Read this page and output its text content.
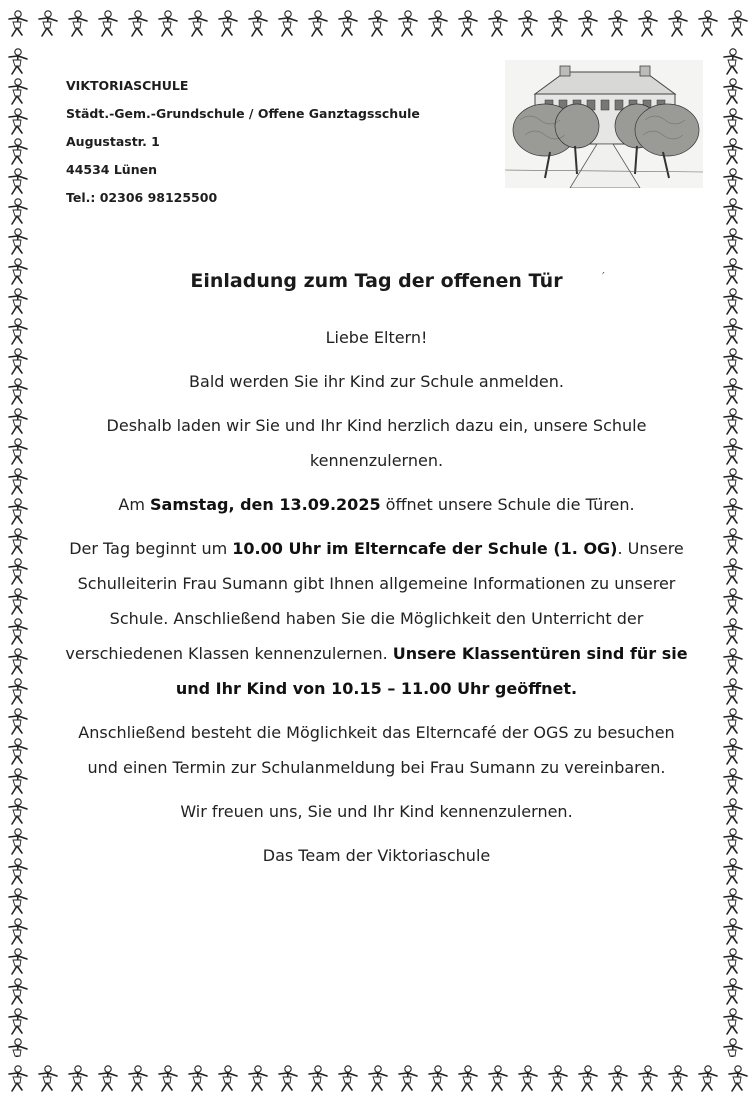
VIKTORIASCHULE
Städt.-Gem.-Grundschule / Offene Ganztagsschule
Augustastr. 1
44534 Lünen
Tel.: 02306 98125500
Einladung zum Tag der offenen Tür	′

Liebe Eltern!

Bald werden Sie ihr Kind zur Schule anmelden.

Deshalb laden wir Sie und Ihr Kind herzlich dazu ein, unsere Schule kennenzulernen.

Am Samstag, den 13.09.2025 öffnet unsere Schule die Türen.

Der Tag beginnt um 10.00 Uhr im Elterncafe der Schule (1. OG). Unsere Schulleiterin Frau Sumann gibt Ihnen allgemeine Informationen zu unserer Schule. Anschließend haben Sie die Möglichkeit den Unterricht der verschiedenen Klassen kennenzulernen. Unsere Klassentüren sind für sie und Ihr Kind von 10.15 – 11.00 Uhr geöffnet.

Anschließend besteht die Möglichkeit das Elterncafé der OGS zu besuchen und einen Termin zur Schulanmeldung bei Frau Sumann zu vereinbaren.

Wir freuen uns, Sie und Ihr Kind kennenzulernen.

Das Team der Viktoriaschule
